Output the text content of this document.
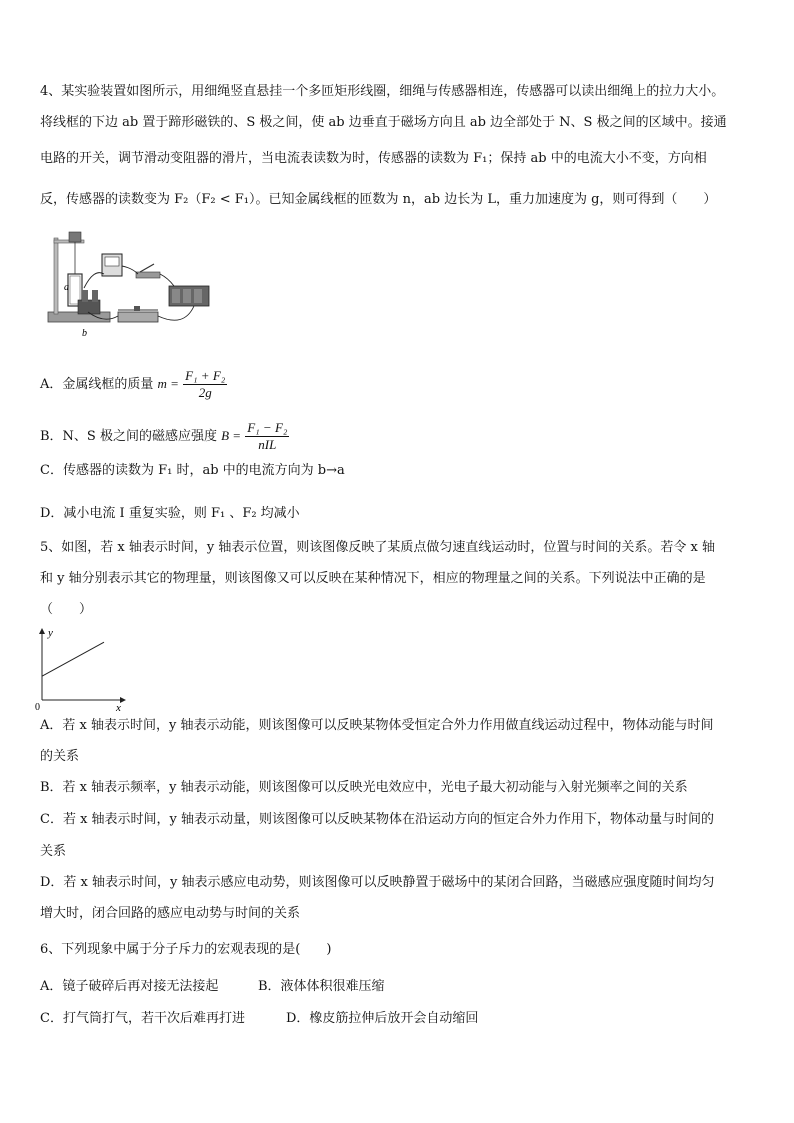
4、某实验装置如图所示，用细绳竖直悬挂一个多匝矩形线圈，细绳与传感器相连，传感器可以读出细绳上的拉力大小。
将线框的下边 ab 置于蹄形磁铁的、S 极之间，使 ab 边垂直于磁场方向且 ab 边全部处于 N、S 极之间的区域中。接通
电路的开关，调节滑动变阻器的滑片，当电流表读数为时，传感器的读数为 F₁；保持 ab 中的电流大小不变，方向相
反，传感器的读数变为 F₂（F₂ < F₁）。已知金属线框的匝数为 n，ab 边长为 L，重力加速度为 g，则可得到（　　）
a
b
A．金属线框的质量 $m = \frac{\text{F₁ + F₂}}{2g}$
B．N、S 极之间的磁感应强度 $B = \frac{\text{F₁ − F₂}}{\text{nIL}}$
C．传感器的读数为 F₁ 时，ab 中的电流方向为 b→a
D．减小电流 I 重复实验，则 F₁ 、F₂ 均减小
5、如图，若 x 轴表示时间，y 轴表示位置，则该图像反映了某质点做匀速直线运动时，位置与时间的关系。若令 x 轴
和 y 轴分别表示其它的物理量，则该图像又可以反映在某种情况下，相应的物理量之间的关系。下列说法中正确的是
（　　）
y
x
0
A．若 x 轴表示时间，y 轴表示动能，则该图像可以反映某物体受恒定合外力作用做直线运动过程中，物体动能与时间
的关系
B．若 x 轴表示频率，y 轴表示动能，则该图像可以反映光电效应中，光电子最大初动能与入射光频率之间的关系
C．若 x 轴表示时间，y 轴表示动量，则该图像可以反映某物体在沿运动方向的恒定合外力作用下，物体动量与时间的
关系
D．若 x 轴表示时间，y 轴表示感应电动势，则该图像可以反映静置于磁场中的某闭合回路，当磁感应强度随时间均匀
增大时，闭合回路的感应电动势与时间的关系
6、下列现象中属于分子斥力的宏观表现的是(　　)
A．镜子破碎后再对接无法接起	B．液体体积很难压缩
C．打气筒打气，若干次后难再打进	D．橡皮筋拉伸后放开会自动缩回
